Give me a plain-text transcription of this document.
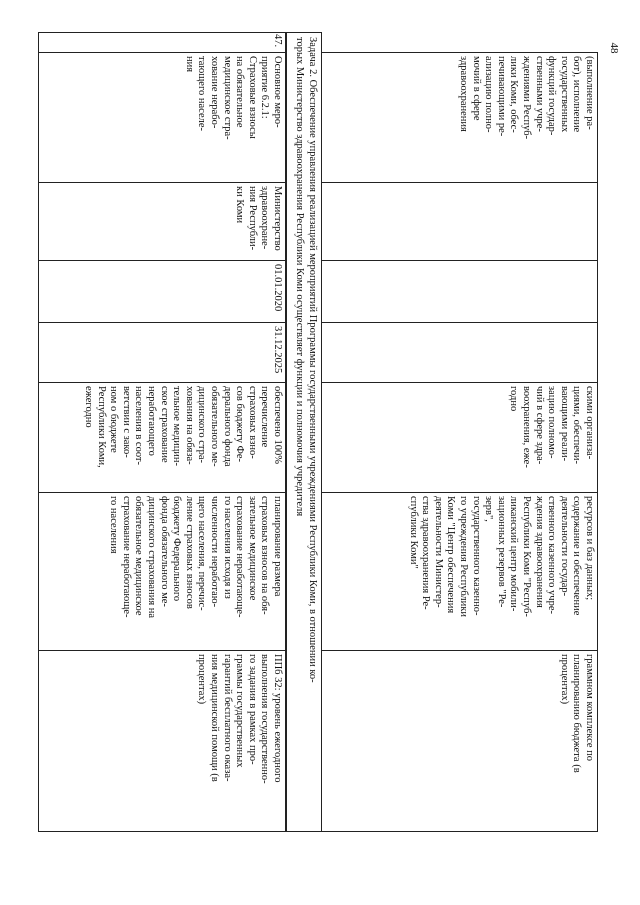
48
(выполнение ра-
бот), исполнение
государственных
функций государ-
ственными учре-
ждениями Респуб-
лики Коми, обес-
печивающими ре-
ализацию полно-
мочий в сфере
здравоохранения
скими организа-
циями, обеспечи-
вающими реали-
зацию полномо-
чий в сфере здра-
воохранения, еже-
годно
ресурсов и баз данных;
содержание и обеспечение
деятельности государ-
ственного казенного учре-
ждения здравоохранения
Республики Коми "Респуб-
ликанский центр мобили-
зационных резервов "Ре-
зерв",
государственного казенно-
го учреждения Республики
Коми "Центр обеспечения
деятельности Министер-
ства здравоохранения Ре-
спублики Коми"
граммном комплексе по
планированию бюджета (в
процентах)
Задача 2. Обеспечение управления реализацией мероприятий Программы государственными учреждениями Республики Коми, в отношении ко-
торых Министерство здравоохранения Республики Коми осуществляет функции и полномочия учредителя
47.
Основное меро-
приятие 6.2.1:
Страховые взносы
на обязательное
медицинское стра-
хование нерабо-
тающего населе-
ния
Министерство
здравоохране-
ния Республи-
ки Коми
01.01.2020
31.12.2025
обеспечено 100%
перечисление
страховых взно-
сов бюджету Фе-
дерального фонда
обязательного ме-
дицинского стра-
хования на обяза-
тельное медицин-
ское страхование
неработающего
населения в соот-
ветствии с зако-
ном о бюджете
Республики Коми,
ежегодно
планирование размера
страховых взносов на обя-
зательное медицинское
страхование неработающе-
го населения исходя из
численности неработаю-
щего населения, перечис-
ление страховых взносов
бюджету Федерального
фонда обязательного ме-
дицинского страхования на
обязательное медицинское
страхование неработающе-
го населения
ППб 32: уровень ежегодного
выполнения государственно-
го задания в рамках про-
граммы государственных
гарантий бесплатного оказа-
ния медицинской помощи (в
процентах)
